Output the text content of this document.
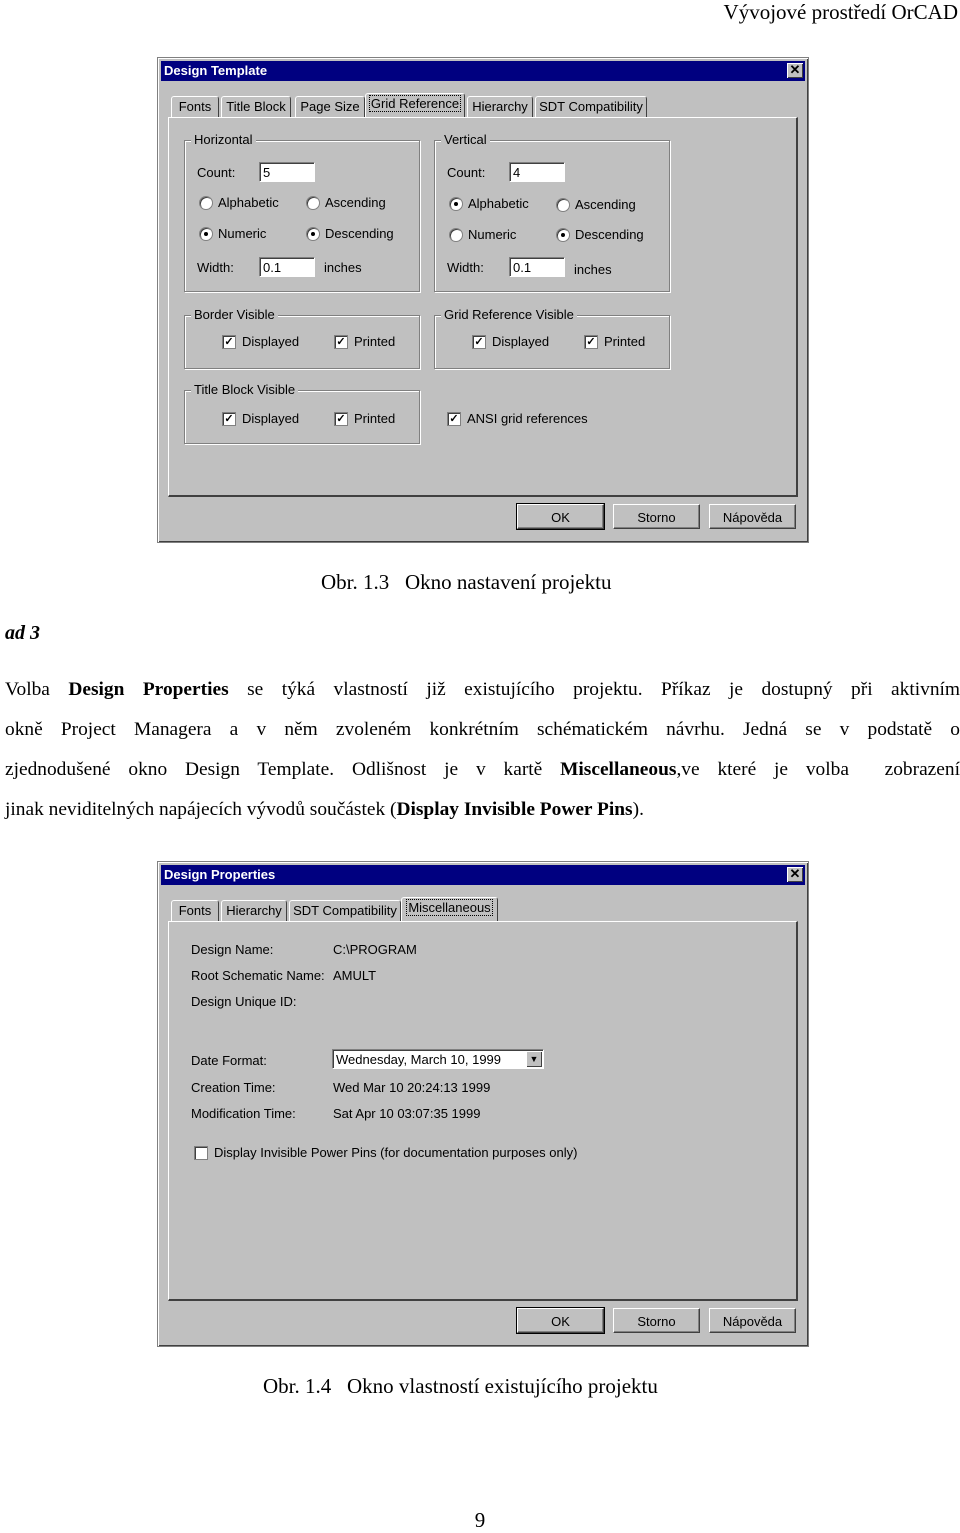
Vývojové prostředí OrCAD
Design Template	✕
Fonts	Title Block	Page Size Grid Reference	Hierarchy SDT Compatibility
Horizontal
Count:	5
Alphabetic
Numeric
Ascending
Descending
Width:	0.1	inches
Vertical
Count:	4
Alphabetic
Numeric
Ascending
Descending
Width:	0.1	inches
Border Visible
✓ Displayed	✓ Printed
Grid Reference Visible
✓ Displayed	✓ Printed
Title Block Visible
✓ Displayed	✓ Printed	✓ ANSI grid references
OK	Storno	Nápověda
Obr. 1.3   Okno nastavení projektu
ad 3
Volba Design Properties se týká vlastností již existujícího projektu. Příkaz je dostupný při aktivním
okně Project Managera a v něm zvoleném konkrétním schématickém návrhu. Jedná se v podstatě o
zjednodušené okno Design Template. Odlišnost je v kartě Miscellaneous,ve které je volba  zobrazení
jinak neviditelných napájecích vývodů součástek (Display Invisible Power Pins).
Design Properties	✕
Fonts	Hierarchy SDT Compatibility Miscellaneous
Design Name:	C:\PROGRAM
Root Schematic Name: AMULT
Design Unique ID:
Date Format:	Wednesday, March 10, 1999	▼
Creation Time:	Wed Mar 10 20:24:13 1999
Modification Time:	Sat Apr 10 03:07:35 1999
Display Invisible Power Pins (for documentation purposes only)
OK	Storno	Nápověda
Obr. 1.4   Okno vlastností existujícího projektu
9
